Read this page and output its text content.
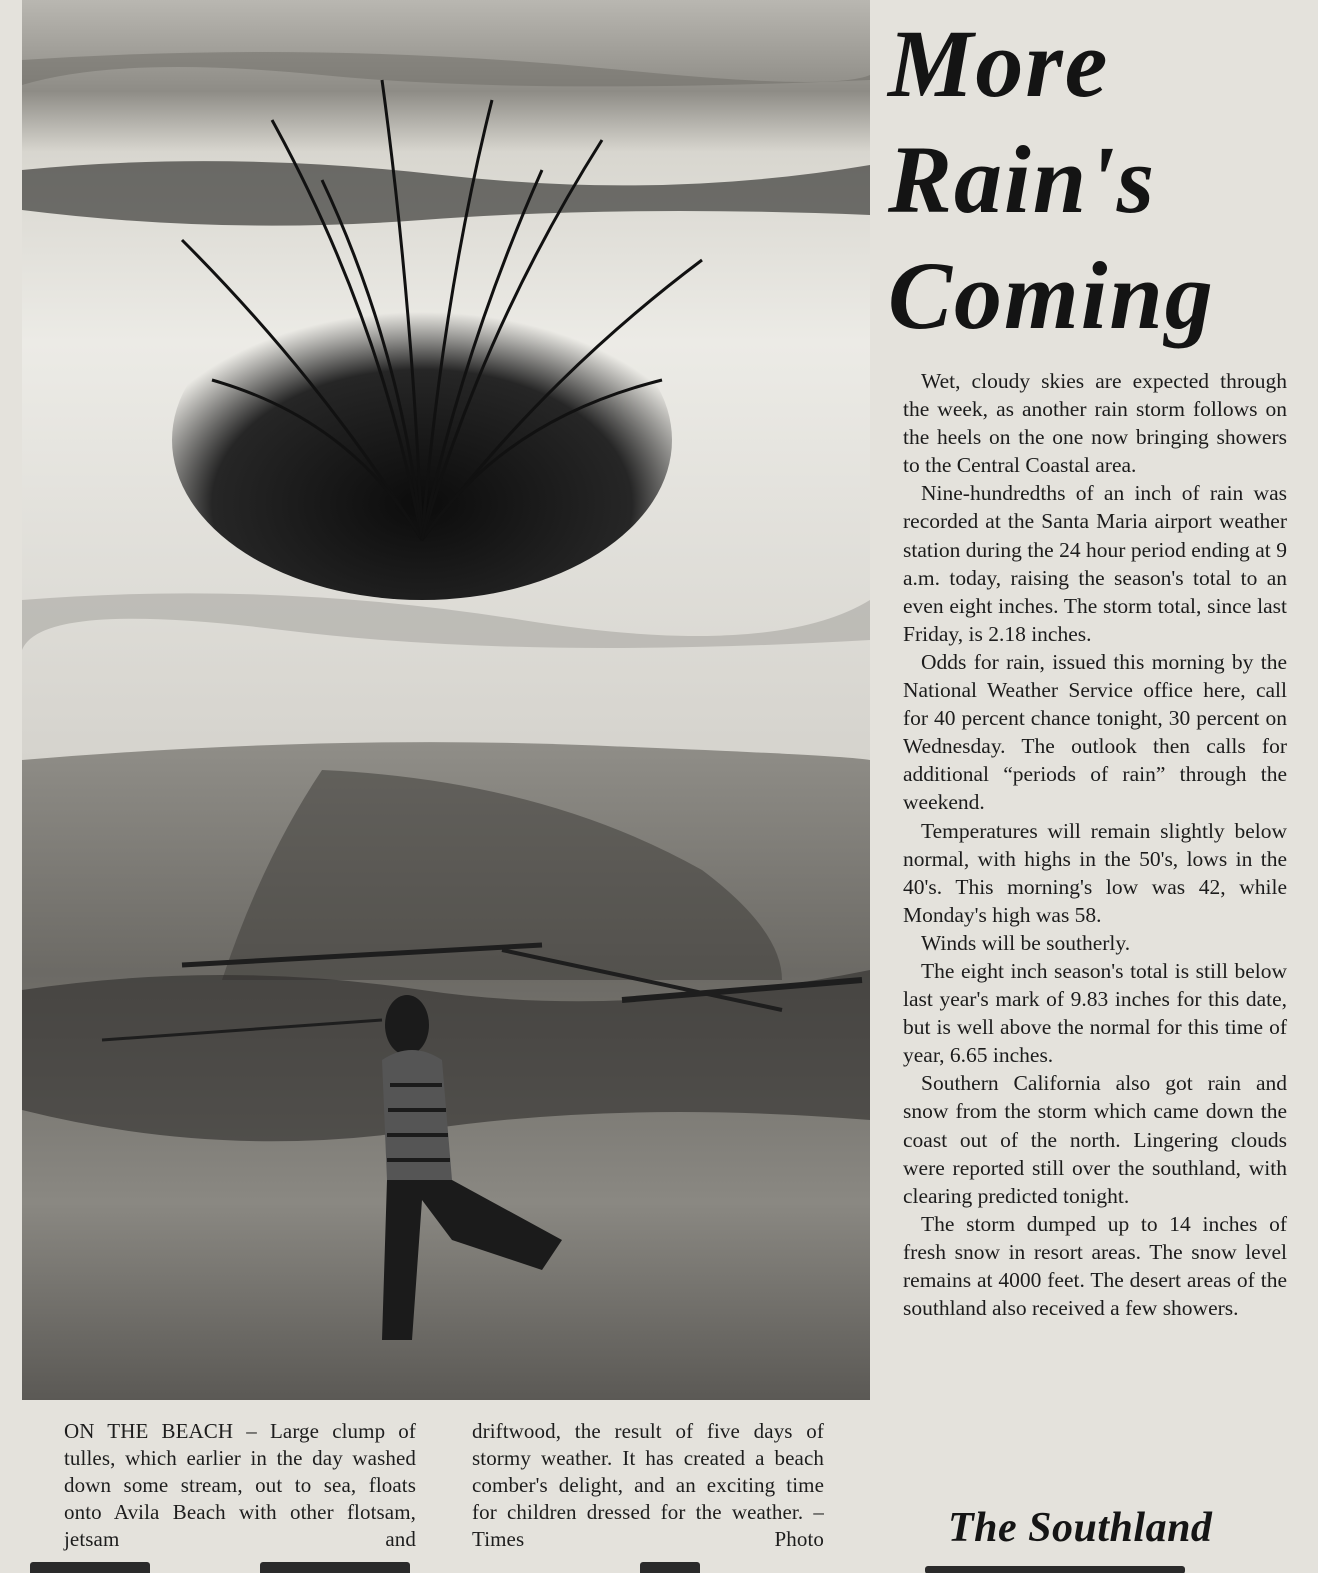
ON THE BEACH – Large clump of tulles, which earlier in the day washed down some stream, out to sea, floats onto Avila Beach with other flotsam, jetsam and
driftwood, the result of five days of stormy weather. It has created a beach comber's delight, and an exciting time for children dressed for the weather. –Times Photo
More
Rain's
Coming

Wet, cloudy skies are expected through the week, as another rain storm follows on the heels on the one now bringing showers to the Central Coastal area.

Nine-hundredths of an inch of rain was recorded at the Santa Maria airport weather station during the 24 hour period ending at 9 a.m. today, raising the season's total to an even eight inches. The storm total, since last Friday, is 2.18 inches.

Odds for rain, issued this morning by the National Weather Service office here, call for 40 percent chance tonight, 30 percent on Wednesday. The outlook then calls for additional “periods of rain” through the weekend.

Temperatures will remain slightly below normal, with highs in the 50's, lows in the 40's. This morning's low was 42, while Monday's high was 58.

Winds will be southerly.

The eight inch season's total is still below last year's mark of 9.83 inches for this date, but is well above the normal for this time of year, 6.65 inches.

Southern California also got rain and snow from the storm which came down the coast out of the north. Lingering clouds were reported still over the southland, with clearing predicted tonight.

The storm dumped up to 14 inches of fresh snow in resort areas. The snow level remains at 4000 feet. The desert areas of the southland also received a few showers.

The Southland
